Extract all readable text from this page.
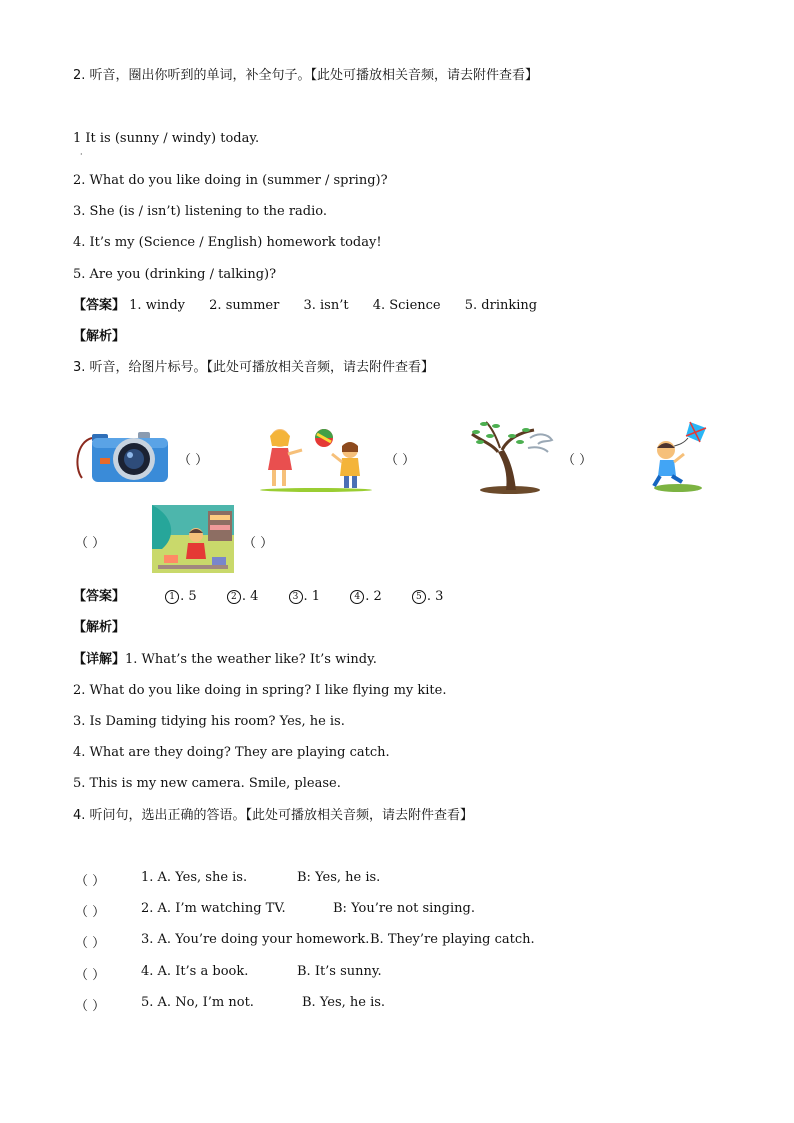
2. 听音，圈出你听到的单词，补全句子。【此处可播放相关音频，请去附件查看】
1 It is (sunny / windy) today.
·
2. What do you like doing in (summer / spring)?
3. She (is / isn’t) listening to the radio.
4. It’s my (Science / English) homework today!
5. Are you (drinking / talking)?
【答案】 1. windy 2. summer 3. isn’t 4. Science 5. drinking
【解析】
3. 听音，给图片标号。【此处可播放相关音频，请去附件查看】
（ ）	（ ）	（ ）
（ ）	（ ）
【答案】	1 . 5	2 . 4	3 . 1	4 . 2	5 . 3
【解析】
【详解】1. What’s the weather like? It’s windy.
2. What do you like doing in spring? I like flying my kite.
3. Is Daming tidying his room? Yes, he is.
4. What are they doing? They are playing catch.
5. This is my new camera. Smile, please.
4. 听问句，选出正确的答语。【此处可播放相关音频，请去附件查看】
（ ）	1. A. Yes, she is.	B: Yes, he is.
（ ）	2. A. I’m watching TV.	B: You’re not singing.
（ ）	3. A. You’re doing your homework. B. They’re playing catch.
（ ）	4. A. It’s a book.	B. It’s sunny.
（ ）	5. A. No, I’m not.	B. Yes, he is.
